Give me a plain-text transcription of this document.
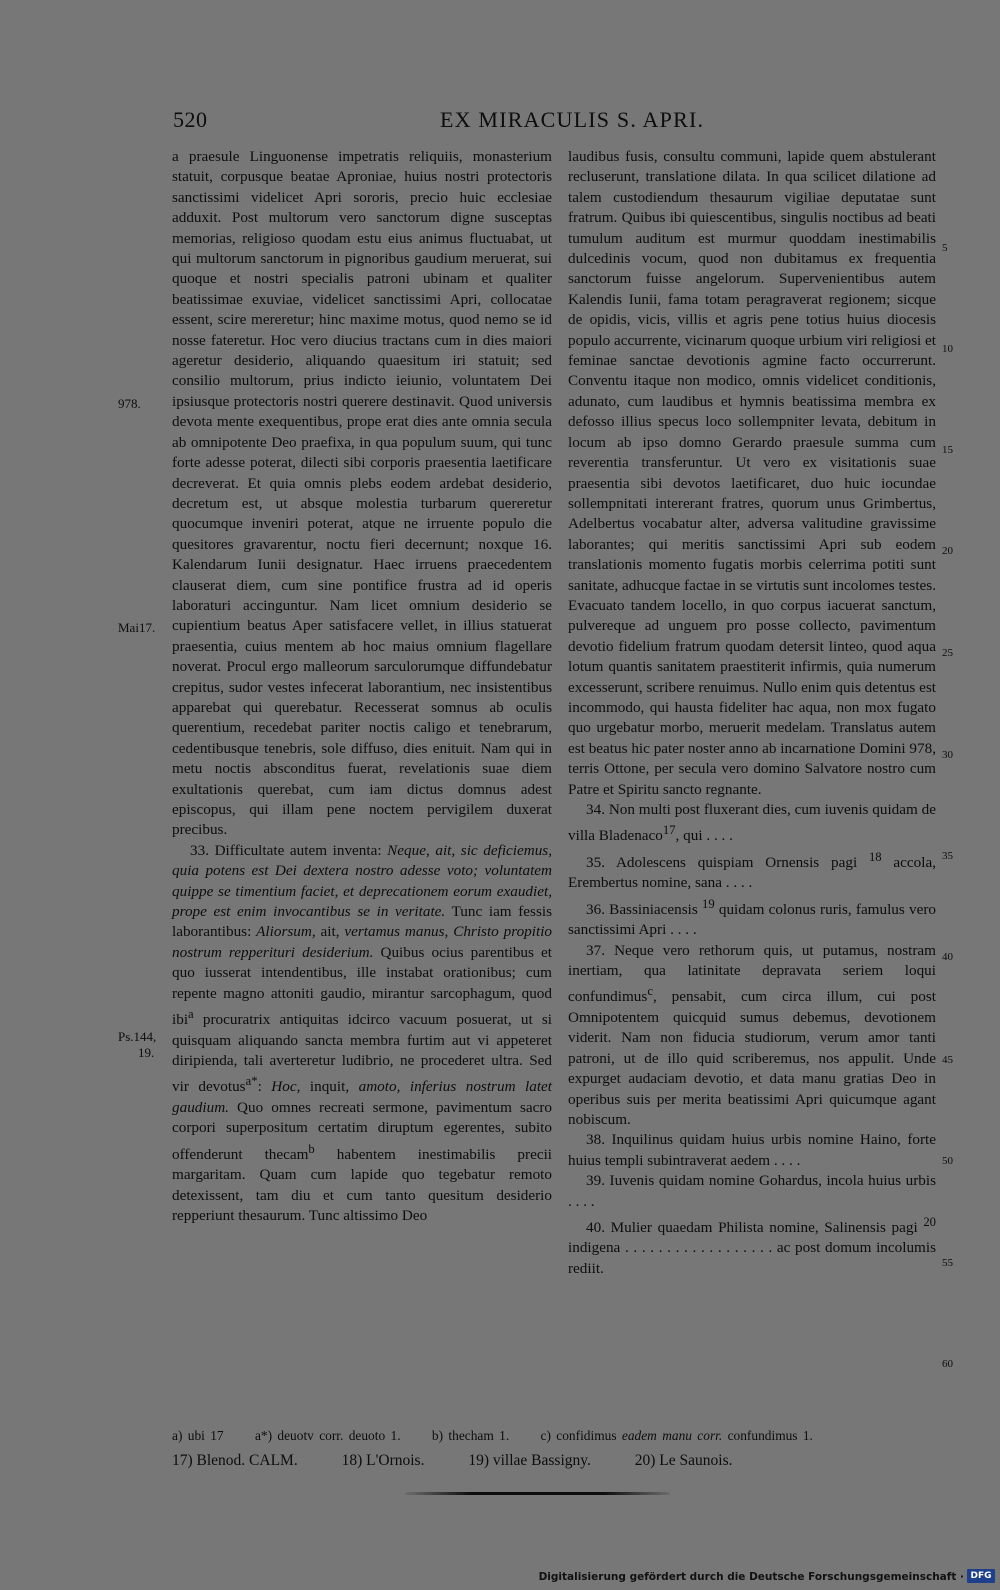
520	EX MIRACULIS S. APRI.

a praesule Linguonense impetratis reliquiis, monasterium statuit, corpusque beatae Aproniae, huius nostri protectoris sanctissimi videlicet Apri sororis, precio huic ecclesiae adduxit. Post multorum vero sanctorum digne susceptas memorias, religioso quodam estu eius animus fluctuabat, ut qui multorum sanctorum in pignoribus gaudium meruerat, sui quoque et nostri specialis patroni ubinam et qualiter beatissimae exuviae, videlicet sanctissimi Apri, collocatae essent, scire mereretur; hinc maxime motus, quod nemo se id nosse fateretur. Hoc vero diucius tractans cum in dies maiori ageretur desiderio, aliquando quaesitum iri statuit; sed consilio multorum, prius indicto ieiunio, voluntatem Dei ipsiusque protectoris nostri querere destinavit. Quod universis devota mente exequentibus, prope erat dies ante omnia secula ab omnipotente Deo praefixa, in qua populum suum, qui tunc forte adesse poterat, dilecti sibi corporis praesentia laetificare decreverat. Et quia omnis plebs eodem ardebat desiderio, decretum est, ut absque molestia turbarum quereretur quocumque inveniri poterat, atque ne irruente populo die quesitores gravarentur, noctu fieri decernunt; noxque 16. Kalendarum Iunii designatur. Haec irruens praecedentem clauserat diem, cum sine pontifice frustra ad id operis laboraturi accinguntur. Nam licet omnium desiderio se cupientium beatus Aper satisfacere vellet, in illius statuerat praesentia, cuius mentem ab hoc maius omnium flagellare noverat. Procul ergo malleorum sarculorumque diffundebatur crepitus, sudor vestes infecerat laborantium, nec insistentibus apparebat qui querebatur. Recesserat somnus ab oculis querentium, recedebat pariter noctis caligo et tenebrarum, cedentibusque tenebris, sole diffuso, dies enituit. Nam qui in metu noctis absconditus fuerat, revelationis suae diem exultationis querebat, cum iam dictus domnus adest episcopus, qui illam pene noctem pervigilem duxerat precibus.

33. Difficultate autem inventa: Neque, ait, sic deficiemus, quia potens est Dei dextera nostro adesse voto; voluntatem quippe se timentium faciet, et deprecationem eorum exaudiet, prope est enim invocantibus se in veritate. Tunc iam fessis laborantibus: Aliorsum, ait, vertamus manus, Christo propitio nostrum repperituri desiderium. Quibus ocius parentibus et quo iusserat intendentibus, ille instabat orationibus; cum repente magno attoniti gaudio, mirantur sarcophagum, quod ibi$^a$ procuratrix antiquitas idcirco vacuum posuerat, ut si quisquam aliquando sancta membra furtim aut vi appeteret diripienda, tali averteretur ludibrio, ne procederet ultra. Sed vir devotus$^{a*}$: Hoc, inquit, amoto, inferius nostrum latet gaudium. Quo omnes recreati sermone, pavimentum sacro corpori superpositum certatim diruptum egerentes, subito offenderunt thecam$^b$ habentem inestimabilis precii margaritam. Quam cum lapide quo tegebatur remoto detexissent, tam diu et cum tanto quesitum desiderio repperiunt thesaurum. Tunc altissimo Deo

978.
Mai17.
Ps.144,
19.

laudibus fusis, consultu communi, lapide quem abstulerant recluserunt, translatione dilata. In qua scilicet dilatione ad talem custodiendum thesaurum vigiliae deputatae sunt fratrum. Quibus ibi quiescentibus, singulis noctibus ad beati tumulum auditum est murmur quoddam inestimabilis dulcedinis vocum, quod non dubitamus ex frequentia sanctorum fuisse angelorum. Supervenientibus autem Kalendis Iunii, fama totam peragraverat regionem; sicque de opidis, vicis, villis et agris pene totius huius diocesis populo accurrente, vicinarum quoque urbium viri religiosi et feminae sanctae devotionis agmine facto occurrerunt. Conventu itaque non modico, omnis videlicet conditionis, adunato, cum laudibus et hymnis beatissima membra ex defosso illius specus loco sollempniter levata, debitum in locum ab ipso domno Gerardo praesule summa cum reverentia transferuntur. Ut vero ex visitationis suae praesentia sibi devotos laetificaret, duo huic iocundae sollempnitati intererant fratres, quorum unus Grimbertus, Adelbertus vocabatur alter, adversa valitudine gravissime laborantes; qui meritis sanctissimi Apri sub eodem translationis momento fugatis morbis celerrima potiti sunt sanitate, adhucque factae in se virtutis sunt incolomes testes. Evacuato tandem locello, in quo corpus iacuerat sanctum, pulvereque ad unguem pro posse collecto, pavimentum devotio fidelium fratrum quodam detersit linteo, quod aqua lotum quantis sanitatem praestiterit infirmis, quia numerum excesserunt, scribere renuimus. Nullo enim quis detentus est incommodo, qui hausta fideliter hac aqua, non mox fugato quo urgebatur morbo, meruerit medelam. Translatus autem est beatus hic pater noster anno ab incarnatione Domini 978, terris Ottone, per secula vero domino Salvatore nostro cum Patre et Spiritu sancto regnante.

34. Non multi post fluxerant dies, cum iuvenis quidam de villa Bladenaco$^{17}$, qui . . . .

35. Adolescens quispiam Ornensis pagi $^{18}$ accola, Erembertus nomine, sana . . . .

36. Bassiniacensis $^{19}$ quidam colonus ruris, famulus vero sanctissimi Apri . . . .

37. Neque vero rethorum quis, ut putamus, nostram inertiam, qua latinitate depravata seriem loqui confundimus$^c$, pensabit, cum circa illum, cui post Omnipotentem quicquid sumus debemus, devotionem viderit. Nam non fiducia studiorum, verum amor tanti patroni, ut de illo quid scriberemus, nos appulit. Unde expurget audaciam devotio, et data manu gratias Deo in operibus suis per merita beatissimi Apri quicumque agant nobiscum.

38. Inquilinus quidam huius urbis nomine Haino, forte huius templi subintraverat aedem . . . .

39. Iuvenis quidam nomine Gohardus, incola huius urbis . . . .

40. Mulier quaedam Philista nomine, Salinensis pagi $^{20}$ indigena . . . . . . . . . . . . . . . . . . ac post domum incolumis rediit.

5
10
15
20
25
30
35
40
45
50
55
60
a) ubi 17 a*) deuotv corr. deuoto 1. b) thecham 1. c) confidimus eadem manu corr. confundimus 1.
17) Blenod. CALM.	18) L'Ornois.	19) villae Bassigny.	20) Le Saunois.
Digitalisierung gefördert durch die Deutsche Forschungsgemeinschaft · DFG
